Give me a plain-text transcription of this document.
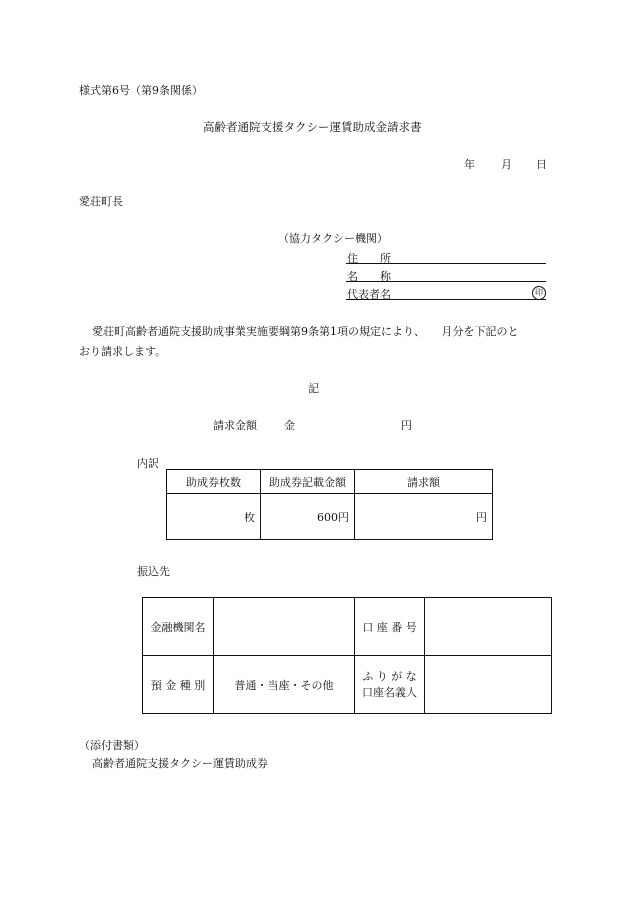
様式第6号（第9条関係）
高齢者通院支援タクシー運賃助成金請求書
年 月 日
愛荘町長
（協力タクシー機関）
住　　所
名　　称
代表者名	印
愛荘町高齢者通院支援助成事業実施要綱第9条第1項の規定により、　　月分を下記のと
おり請求します。
記
請求金額 金	円
内訳
助成券枚数	助成券記載金額	請求額
枚	600円	円
振込先
金融機関名		口 座 番 号	
預 金 種 別	普通・当座・その他	ふ り が な
口座名義人	

（添付書類）
高齢者通院支援タクシー運賃助成券
